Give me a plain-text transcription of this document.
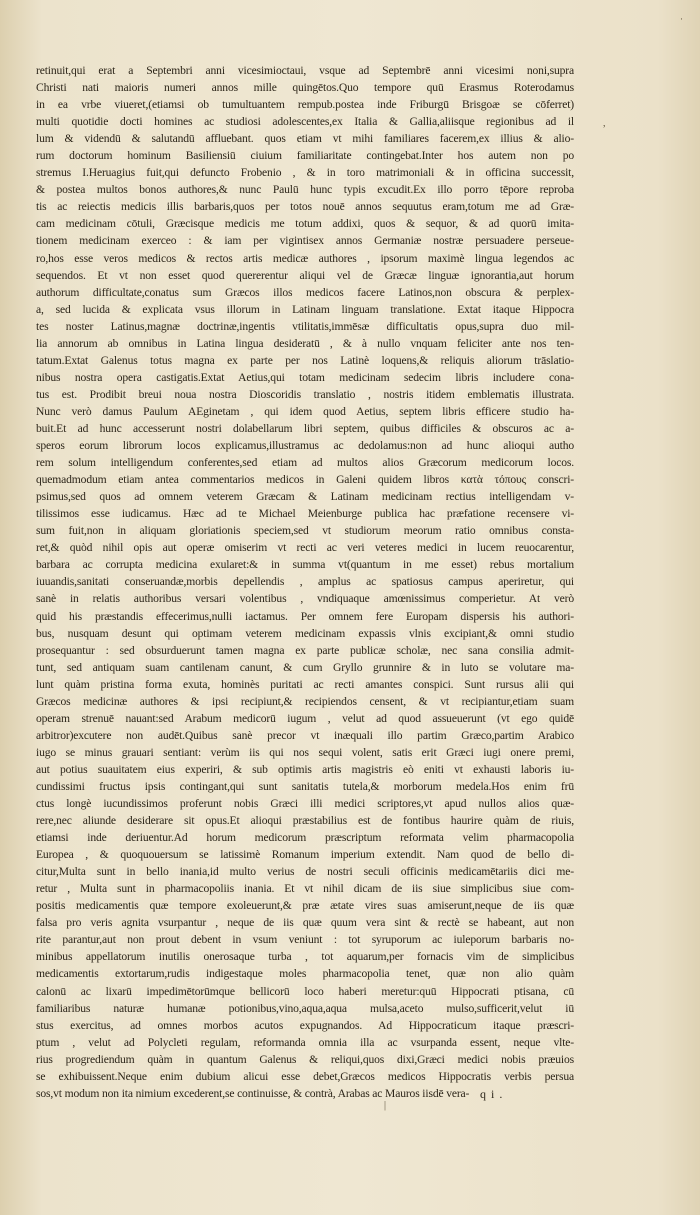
·
,
retinuit,qui erat a Septembri anni vicesimioctaui, vsque ad Septembrē anni vicesimi noni,supra
Christi nati maioris numeri annos mille quingētos.Quo tempore quū Erasmus Roterodamus
in ea vrbe viueret,(etiamsi ob tumultuantem rempub.postea inde Friburgū Brisgoæ se cōferret)
multi quotidie docti homines ac studiosi adolescentes,ex Italia & Gallia,aliisque regionibus ad il
lum & videndū & salutandū affluebant. quos etiam vt mihi familiares facerem,ex illius & alio-
rum doctorum hominum Basiliensiū ciuium familiaritate contingebat.Inter hos autem non po
stremus I.Heruagius fuit,qui defuncto Frobenio , & in toro matrimoniali & in officina successit,
& postea multos bonos authores,& nunc Paulū hunc typis excudit.Ex illo porro tēpore reproba
tis ac reiectis medicis illis barbaris,quos per totos nouē annos sequutus eram,totum me ad Græ-
cam medicinam cōtuli, Græcisque medicis me totum addixi, quos & sequor, & ad quorū imita-
tionem medicinam exerceo : & iam per vigintisex annos Germaniæ nostræ persuadere perseue-
ro,hos esse veros medicos & rectos artis medicæ authores , ipsorum maximè lingua legendos ac
sequendos. Et vt non esset quod quererentur aliqui vel de Græcæ linguæ ignorantia,aut horum
authorum difficultate,conatus sum Græcos illos medicos facere Latinos,non obscura & perplex-
a, sed lucida & explicata vsus illorum in Latinam linguam translatione. Extat itaque Hippocra
tes noster Latinus,magnæ doctrinæ,ingentis vtilitatis,immēsæ difficultatis opus,supra duo mil-
lia annorum ab omnibus in Latina lingua desideratū , & à nullo vnquam feliciter ante nos ten-
tatum.Extat Galenus totus magna ex parte per nos Latinè loquens,& reliquis aliorum trāslatio-
nibus nostra opera castigatis.Extat Aetius,qui totam medicinam sedecim libris includere cona-
tus est. Prodibit breui noua nostra Dioscoridis translatio , nostris itidem emblematis illustrata.
Nunc verò damus Paulum AEginetam , qui idem quod Aetius, septem libris efficere studio ha-
buit.Et ad hunc accesserunt nostri dolabellarum libri septem, quibus difficiles & obscuros ac a-
speros eorum librorum locos explicamus,illustramus ac dedolamus:non ad hunc alioqui autho
rem solum intelligendum conferentes,sed etiam ad multos alios Græcorum medicorum locos.
quemadmodum etiam antea commentarios medicos in Galeni quidem libros κατὰ τόπους conscri-
psimus,sed quos ad omnem veterem Græcam & Latinam medicinam rectius intelligendam v-
tilissimos esse iudicamus. Hæc ad te Michael Meienburge publica hac præfatione recensere vi-
sum fuit,non in aliquam gloriationis speciem,sed vt studiorum meorum ratio omnibus consta-
ret,& quòd nihil opis aut operæ omiserim vt recti ac veri veteres medici in lucem reuocarentur,
barbara ac corrupta medicina exularet:& in summa vt(quantum in me esset) rebus mortalium
iuuandis,sanitati conseruandæ,morbis depellendis , amplus ac spatiosus campus aperiretur, qui
sanè in relatis authoribus versari volentibus , vndiquaque amœnissimus comperietur. At verò
quid his præstandis effecerimus,nulli iactamus. Per omnem fere Europam dispersis his authori-
bus, nusquam desunt qui optimam veterem medicinam expassis vlnis excipiant,& omni studio
prosequantur : sed obsurduerunt tamen magna ex parte publicæ scholæ, nec sana consilia admit-
tunt, sed antiquam suam cantilenam canunt, & cum Gryllo grunnire & in luto se volutare ma-
lunt quàm pristina forma exuta, hominès puritati ac recti amantes conspici. Sunt rursus alii qui
Græcos medicinæ authores & ipsi recipiunt,& recipiendos censent, & vt recipiantur,etiam suam
operam strenuē nauant:sed Arabum medicorū iugum , velut ad quod assueuerunt (vt ego quidē
arbitror)excutere non audēt.Quibus sanè precor vt inæquali illo partim Græco,partim Arabico
iugo se minus grauari sentiant: verùm iis qui nos sequi volent, satis erit Græci iugi onere premi,
aut potius suauitatem eius experiri, & sub optimis artis magistris eò eniti vt exhausti laboris iu-
cundissimi fructus ipsis contingant,qui sunt sanitatis tutela,& morborum medela.Hos enim frū
ctus longè iucundissimos proferunt nobis Græci illi medici scriptores,vt apud nullos alios quæ-
rere,nec aliunde desiderare sit opus.Et alioqui præstabilius est de fontibus haurire quàm de riuis,
etiamsi inde deriuentur.Ad horum medicorum præscriptum reformata velim pharmacopolia
Europea , & quoquouersum se latissimè Romanum imperium extendit. Nam quod de bello di-
citur,Multa sunt in bello inania,id multo verius de nostri seculi officinis medicamētariis dici me-
retur , Multa sunt in pharmacopoliis inania. Et vt nihil dicam de iis siue simplicibus siue com-
positis medicamentis quæ tempore exoleuerunt,& præ ætate vires suas amiserunt,neque de iis quæ
falsa pro veris agnita vsurpantur , neque de iis quæ quum vera sint & rectè se habeant, aut non
rite parantur,aut non prout debent in vsum veniunt : tot syruporum ac iuleporum barbaris no-
minibus appellatorum inutilis onerosaque turba , tot aquarum,per fornacis vim de simplicibus
medicamentis extortarum,rudis indigestaque moles pharmacopolia tenet, quæ non alio quàm
calonū ac lixarū impedimētorūmque bellicorū loco haberi meretur:quū Hippocrati ptisana, cū
familiaribus naturæ humanæ potionibus,vino,aqua,aqua mulsa,aceto mulso,sufficerit,velut iū
stus exercitus, ad omnes morbos acutos expugnandos. Ad Hippocraticum itaque præscri-
ptum , velut ad Polycleti regulam, reformanda omnia illa ac vsurpanda essent, neque vlte-
rius progrediendum quàm in quantum Galenus & reliqui,quos dixi,Græci medici nobis præuios
se exhibuissent.Neque enim dubium alicui esse debet,Græcos medicos Hippocratis verbis persua
sos,vt modum non ita nimium excederent,se continuisse, & contrà, Arabas ac Mauros iisdē vera- q i .
|
